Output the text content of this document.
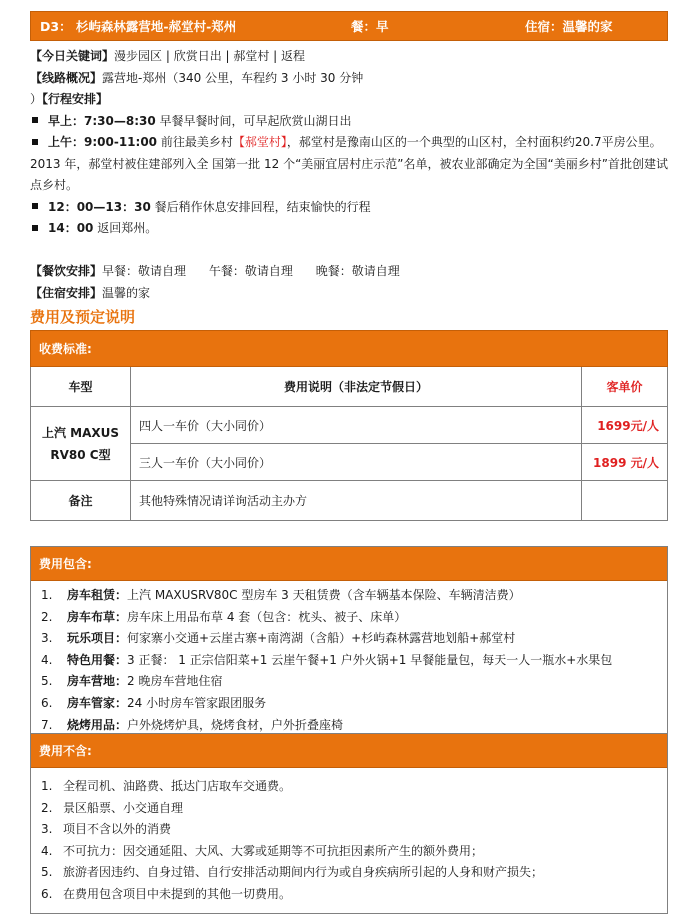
D3： 杉屿森林露营地-郝堂村-郑州	餐：早	住宿：温馨的家
【今日关键词】漫步园区 | 欣赏日出 | 郝堂村 | 返程
【线路概况】露营地-郑州（340 公里，车程约 3 小时 30 分钟
）【行程安排】
早上：7:30—8:30 早餐早餐时间，可早起欣赏山湖日出
上午：9:00-11:00 前往最美乡村【郝堂村】，郝堂村是豫南山区的一个典型的山区村，全村面积约20.7平房公里。2013 年，郝堂村被住建部列入全 国第一批 12 个“美丽宜居村庄示范”名单，被农业部确定为全国“美丽乡村”首批创建试点乡村。
12：00—13：30 餐后稍作休息安排回程，结束愉快的行程
14：00 返回郑州。
【餐饮安排】早餐：敬请自理      午餐：敬请自理      晚餐：敬请自理
【住宿安排】温馨的家
费用及预定说明
收费标准:		
车型	费用说明（非法定节假日）	客单价

上汽 MAXUS
RV80 C型	四人一车价（大小同价）	1699元/人
	三人一车价（大小同价）	1899 元/人
备注	其他特殊情况请详询活动主办方	
费用包含:
1. 房车租赁：上汽 MAXUSRV80C 型房车 3 天租赁费（含车辆基本保险、车辆清洁费）
2. 房车布草：房车床上用品布草 4 套（包含：枕头、被子、床单）
3. 玩乐项目：何家寨小交通+云崖古寨+南湾湖（含船）+杉屿森林露营地划船+郝堂村
4. 特色用餐：3 正餐： 1 正宗信阳菜+1 云崖午餐+1 户外火锅+1 早餐能量包，每天一人一瓶水+水果包
5. 房车营地：2 晚房车营地住宿
6. 房车管家：24 小时房车管家跟团服务
7. 烧烤用品：户外烧烤炉具，烧烤食材，户外折叠座椅
费用不含:
1. 全程司机、油路费、抵达门店取车交通费。
2. 景区船票、小交通自理
3. 项目不含以外的消费
4. 不可抗力：因交通延阻、大风、大雾或延期等不可抗拒因素所产生的额外费用；
5. 旅游者因违约、自身过错、自行安排活动期间内行为或自身疾病所引起的人身和财产损失；
6. 在费用包含项目中未提到的其他一切费用。
